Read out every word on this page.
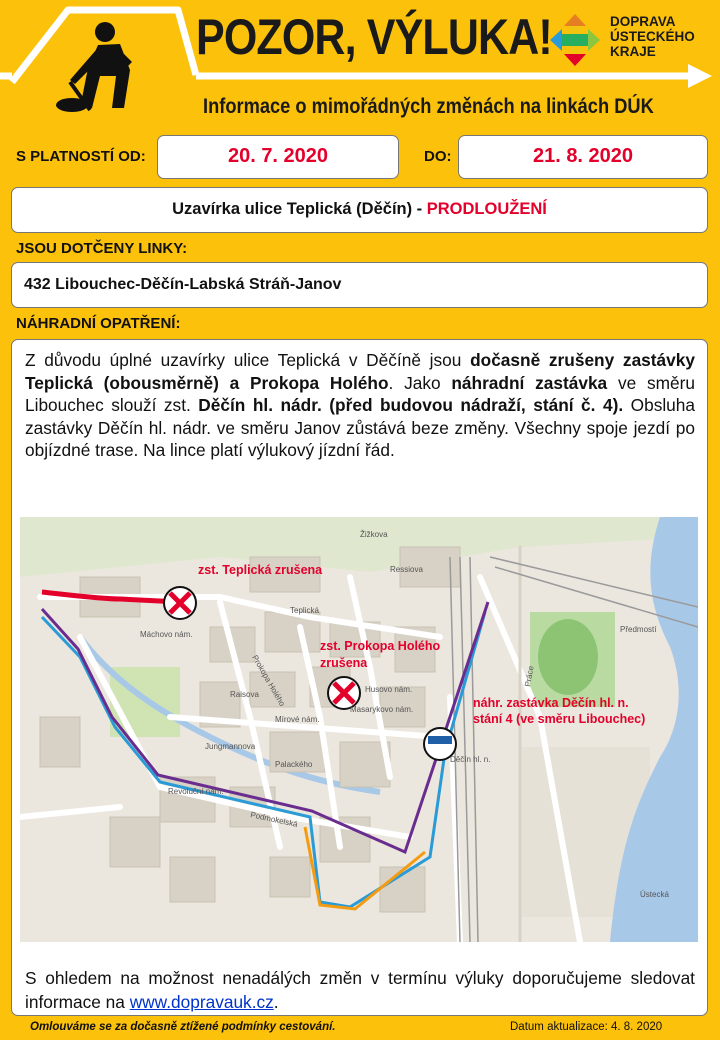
POZOR, VÝLUKA!	DOPRAVA
ÚSTECKÉHO
KRAJE
Informace o mimořádných změnách na linkách DÚK
S PLATNOSTÍ OD:	20. 7. 2020	DO:	21. 8. 2020
Uzavírka ulice Teplická (Děčín) - PRODLOUŽENÍ
JSOU DOTČENY LINKY:
432 Libouchec-Děčín-Labská Stráň-Janov
NÁHRADNÍ OPATŘENÍ:
Z důvodu úplné uzavírky ulice Teplická v Děčíně jsou dočasně zrušeny zastávky Teplická (obousměrně) a Prokopa Holého. Jako náhradní zastávka ve směru Libouchec slouží zst. Děčín hl. nádr. (před budovou nádraží, stání č. 4). Obsluha zastávky Děčín hl. nádr. ve směru Janov zůstává beze změny. Všechny spoje jezdí po objízdné trase. Na lince platí výlukový jízdní řád.
zst. Teplická zrušena
zst. Prokopa Holého
zrušena
náhr. zastávka Děčín hl. n.
stání 4 (ve směru Libouchec)
Teplická
Prokopa Holého
Ressiova
Raisova
Mírové nám.
Husovo nám.
Palackého
Podmokelská
Revoluční nám.
Jungmannova
Masarykovo nám.
Děčín hl. n.
Předmostí
Práce
Ústecká
Žižkova
Máchovo nám.
S ohledem na možnost nenadálých změn v termínu výluky doporučujeme sledovat informace na www.dopravauk.cz.
Omlouváme se za dočasně ztížené podmínky cestování.	Datum aktualizace: 4. 8. 2020
